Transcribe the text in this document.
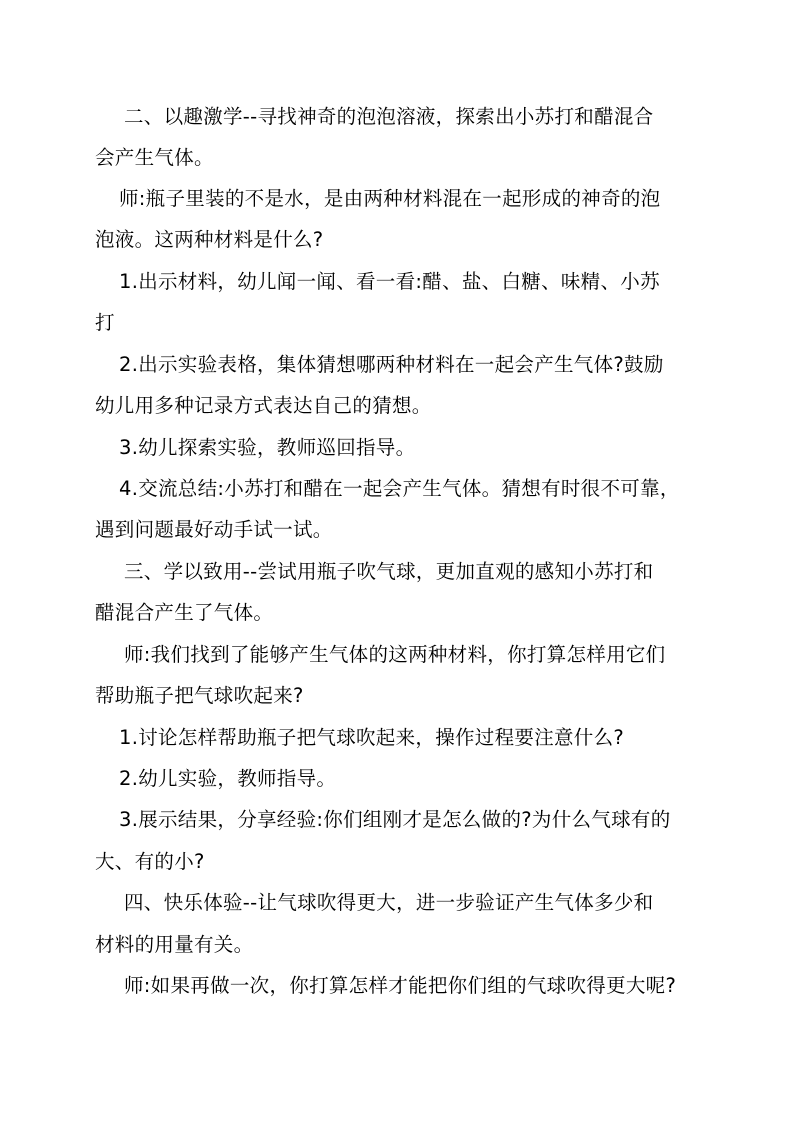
二、以趣激学--寻找神奇的泡泡溶液，探索出小苏打和醋混合
会产生气体。
师:瓶子里装的不是水，是由两种材料混在一起形成的神奇的泡
泡液。这两种材料是什么?
1.出示材料，幼儿闻一闻、看一看:醋、盐、白糖、味精、小苏
打
2.出示实验表格，集体猜想哪两种材料在一起会产生气体?鼓励
幼儿用多种记录方式表达自己的猜想。
3.幼儿探索实验，教师巡回指导。
4.交流总结:小苏打和醋在一起会产生气体。猜想有时很不可靠，
遇到问题最好动手试一试。
三、学以致用--尝试用瓶子吹气球，更加直观的感知小苏打和
醋混合产生了气体。
师:我们找到了能够产生气体的这两种材料，你打算怎样用它们
帮助瓶子把气球吹起来?
1.讨论怎样帮助瓶子把气球吹起来，操作过程要注意什么?
2.幼儿实验，教师指导。
3.展示结果，分享经验:你们组刚才是怎么做的?为什么气球有的
大、有的小?
四、快乐体验--让气球吹得更大，进一步验证产生气体多少和
材料的用量有关。
师:如果再做一次，你打算怎样才能把你们组的气球吹得更大呢?
